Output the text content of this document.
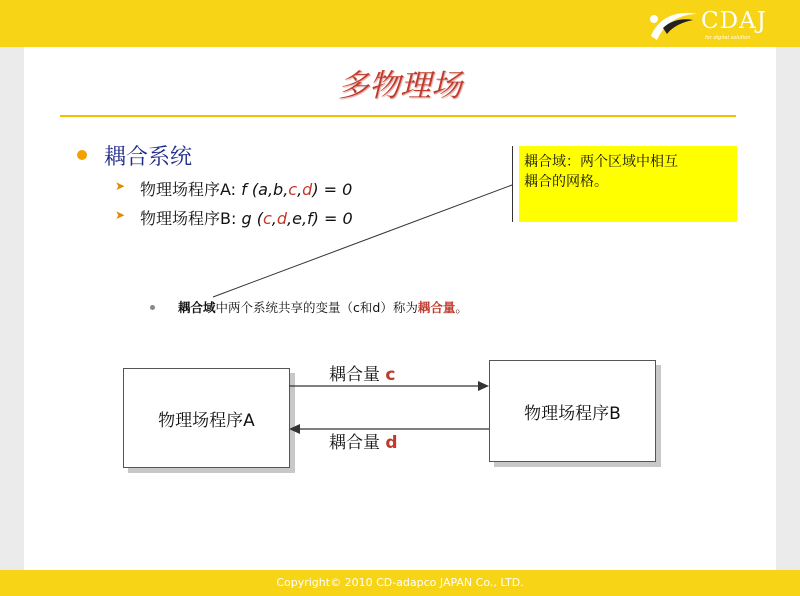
CDAJ
for digital solution
多物理场
耦合系统
➤ 物理场程序A: f (a,b,c,d) = 0
➤ 物理场程序B: g (c,d,e,f) = 0
耦合域：两个区域中相互
耦合的网格。
耦合域中两个系统共享的变量（c和d）称为耦合量。
物理场程序A	物理场程序B
耦合量 c
耦合量 d
Copyright© 2010 CD-adapco JAPAN Co., LTD.
